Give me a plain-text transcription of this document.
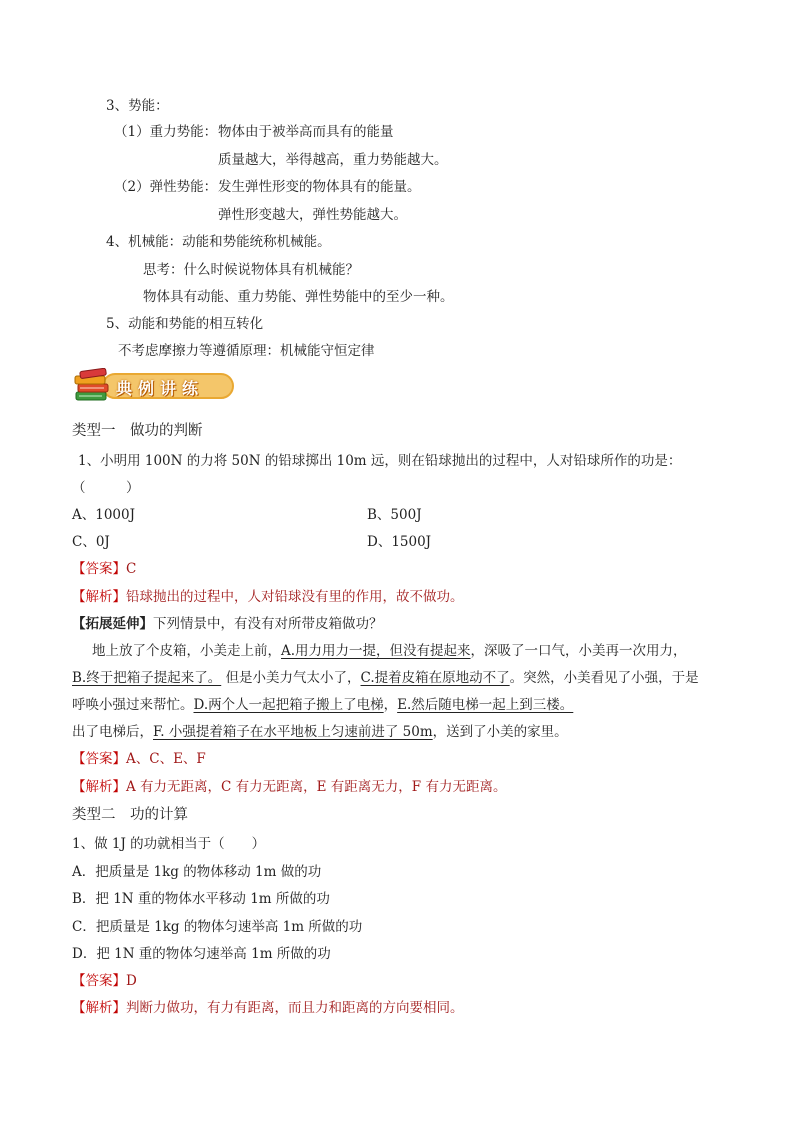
3、势能：
（1）重力势能： 物体由于被举高而具有的能量
质量越大，举得越高，重力势能越大。
（2）弹性势能： 发生弹性形变的物体具有的能量。
弹性形变越大，弹性势能越大。
4、机械能：动能和势能统称机械能。
思考：什么时候说物体具有机械能？
物体具有动能、重力势能、弹性势能中的至少一种。
5、动能和势能的相互转化
不考虑摩擦力等遵循原理：机械能守恒定律
典例讲练
类型一　做功的判断
1、小明用 100N 的力将 50N 的铅球掷出 10m 远，则在铅球抛出的过程中，人对铅球所作的功是：
（　　　）
A、1000J	B、500J
C、0J	D、1500J
【答案】C
【解析】铅球抛出的过程中，人对铅球没有里的作用，故不做功。
【拓展延伸】下列情景中，有没有对所带皮箱做功？
地上放了个皮箱，小美走上前，A.用力用力一提，但没有提起来，深吸了一口气，小美再一次用力，
B.终于把箱子提起来了。 但是小美力气太小了，C.提着皮箱在原地动不了。突然，小美看见了小强，于是
呼唤小强过来帮忙。D.两个人一起把箱子搬上了电梯，E.然后随电梯一起上到三楼。
出了电梯后，F. 小强提着箱子在水平地板上匀速前进了 50m，送到了小美的家里。
【答案】A、C、E、F
【解析】A 有力无距离，C 有力无距离，E 有距离无力，F 有力无距离。
类型二　功的计算
1、做 1J 的功就相当于（　　）
A．把质量是 1kg 的物体移动 1m 做的功
B．把 1N 重的物体水平移动 1m 所做的功
C．把质量是 1kg 的物体匀速举高 1m 所做的功
D．把 1N 重的物体匀速举高 1m 所做的功
【答案】D
【解析】判断力做功，有力有距离，而且力和距离的方向要相同。
